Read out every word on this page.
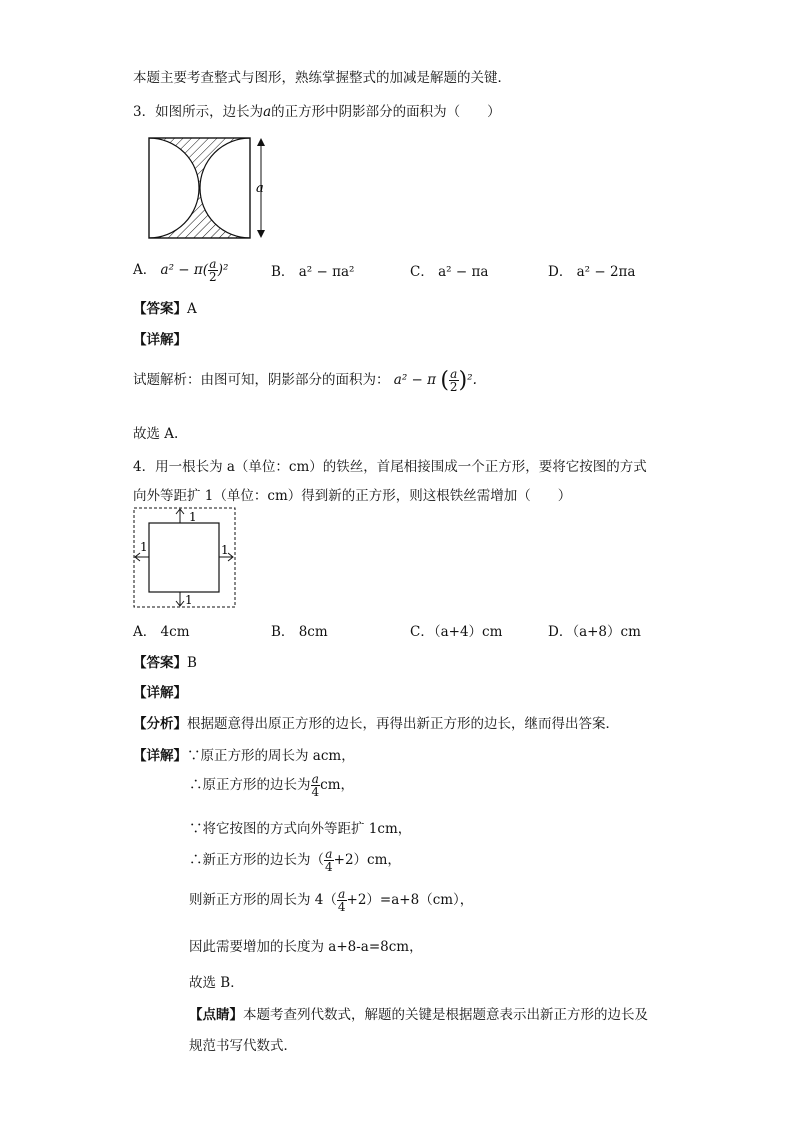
本题主要考查整式与图形，熟练掌握整式的加减是解题的关键．
3．如图所示，边长为a的正方形中阴影部分的面积为（　　）
a
A． $a^2 - \pi( \frac{a}{2} )^2$	B． a² − πa²	C． a² − πa	D． a² − 2πa
【答案】A
【详解】
试题解析：由图可知，阴影部分的面积为： a² − π ( $\frac{a}{2} )^2$.
故选 A.
4．用一根长为 a（单位：cm）的铁丝，首尾相接围成一个正方形，要将它按图的方式
向外等距扩 1（单位：cm）得到新的正方形，则这根铁丝需增加（　　）
1
1	1
1
A． 4cm	B． 8cm	C．（a+4）cm	D．（a+8）cm
【答案】B
【详解】
【分析】根据题意得出原正方形的边长，再得出新正方形的边长，继而得出答案．
【详解】∵原正方形的周长为 acm，
∴原正方形的边长为 $\frac{a}{4}$ cm，
∵将它按图的方式向外等距扩 1cm，
∴新正方形的边长为（ $\frac{a}{4} +2)cm$，
则新正方形的周长为 $4( \frac{a}{4} +2)=a+8(cm)$，
因此需要增加的长度为 a+8-a=8cm，
故选 B．
【点睛】本题考查列代数式，解题的关键是根据题意表示出新正方形的边长及
规范书写代数式．
